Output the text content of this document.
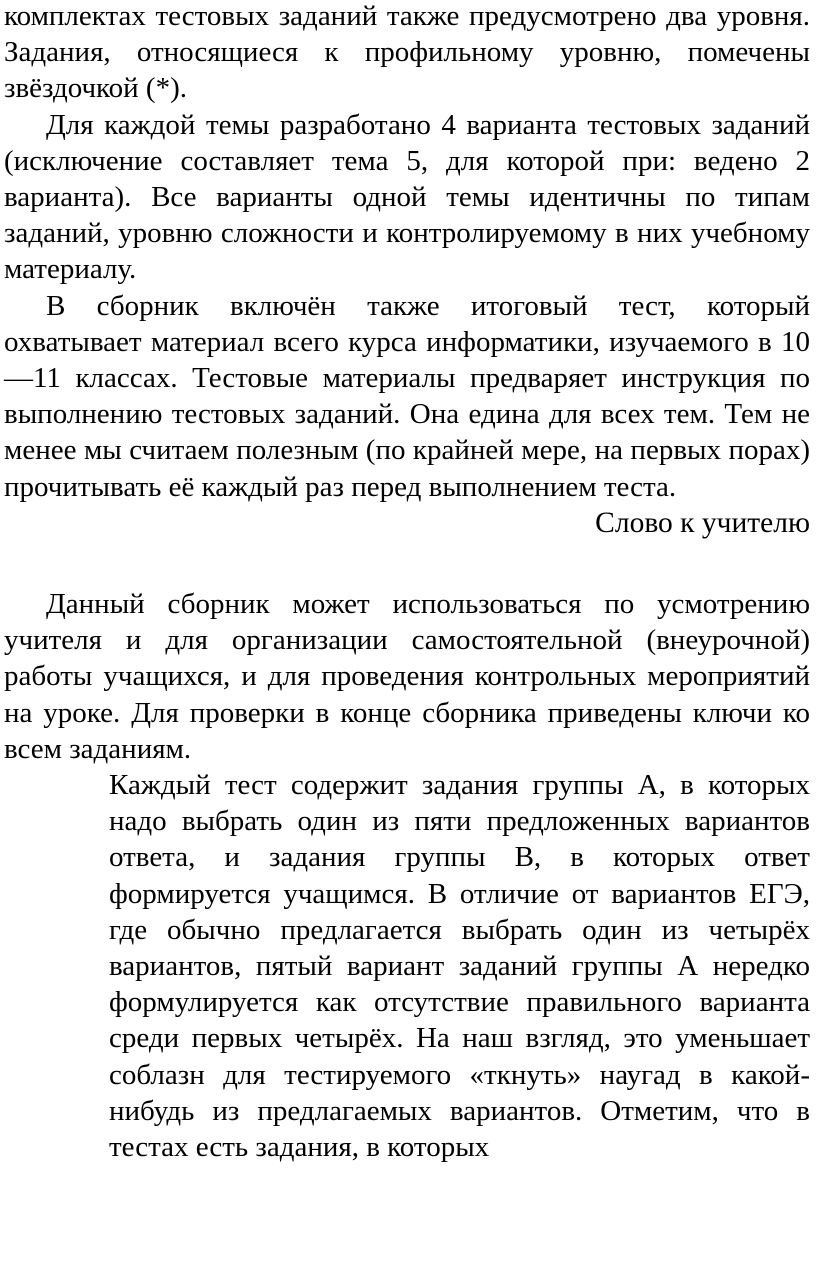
комплектах тестовых заданий также предусмотрено два уровня. Задания, относящиеся к профильному уровню, помечены звёздочкой (*).

Для каждой темы разработано 4 варианта тестовых заданий (исключение составляет тема 5, для которой при: ведено 2 варианта). Все варианты одной темы идентичны по типам заданий, уровню сложности и контролируемому в них учебному материалу.

В сборник включён также итоговый тест, который охватывает материал всего курса информатики, изучаемого в 10—11 классах. Тестовые материалы предваряет инструкция по выполнению тестовых заданий. Она едина для всех тем. Тем не менее мы считаем полезным (по крайней мере, на первых порах) прочитывать её каждый раз перед выполнением теста.

Слово к учителю

Данный сборник может использоваться по усмотрению учителя и для организации самостоятельной (внеурочной) работы учащихся, и для проведения контрольных мероприятий на уроке. Для проверки в конце сборника приведены ключи ко всем заданиям.

Каждый тест содержит задания группы А, в которых надо выбрать один из пяти предложенных вариантов ответа, и задания группы В, в которых ответ формируется учащимся. В отличие от вариантов ЕГЭ, где обычно предлагается выбрать один из четырёх вариантов, пятый вариант заданий группы А нередко формулируется как отсутствие правильного варианта среди первых четырёх. На наш взгляд, это уменьшает соблазн для тестируемого «ткнуть» наугад в какой-нибудь из предлагаемых вариантов. Отметим, что в тестах есть задания, в которых
